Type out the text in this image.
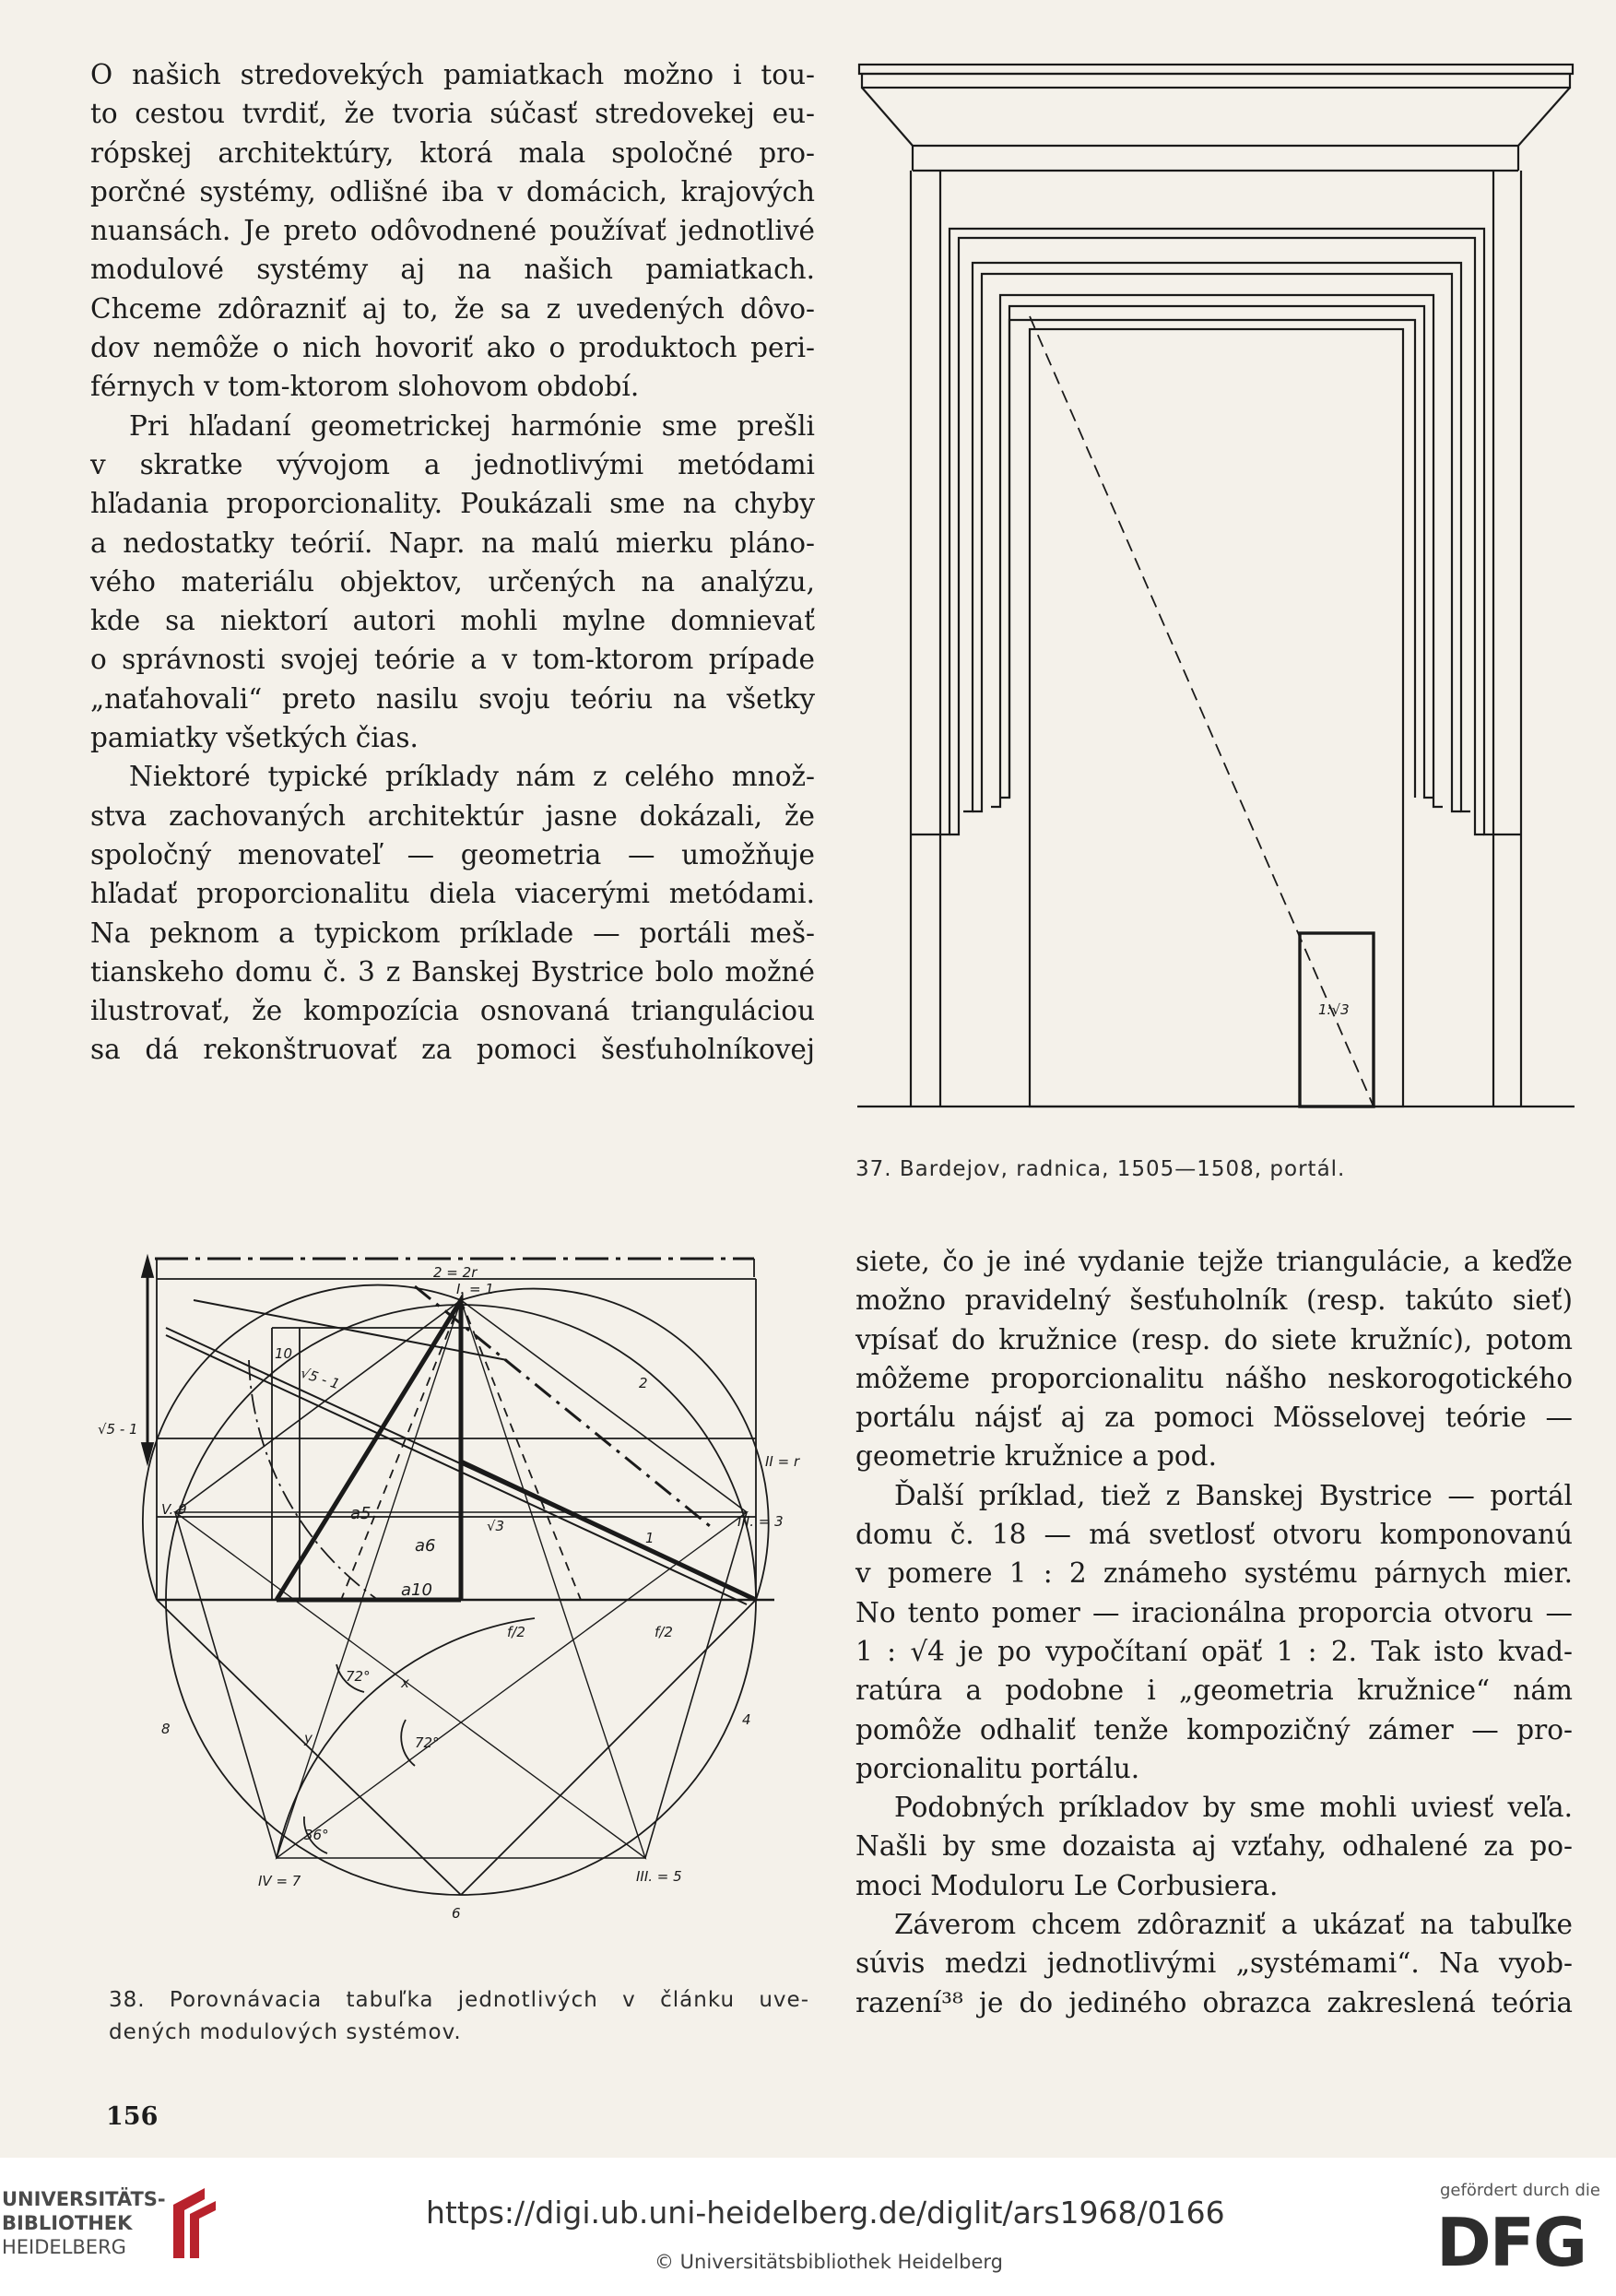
O našich stredovekých pamiatkach možno i tou-
to cestou tvrdiť, že tvoria súčasť stredovekej eu-
rópskej architektúry, ktorá mala spoločné pro-
porčné systémy, odlišné iba v domácich, krajových
nuansách. Je preto odôvodnené používať jednotlivé
modulové systémy aj na našich pamiatkach.
Chceme zdôrazniť aj to, že sa z uvedených dôvo-
dov nemôže o nich hovoriť ako o produktoch peri-
férnych v tom-ktorom slohovom období.

Pri hľadaní geometrickej harmónie sme prešli
v skratke vývojom a jednotlivými metódami
hľadania proporcionality. Poukázali sme na chyby
a nedostatky teórií. Napr. na malú mierku pláno-
vého materiálu objektov, určených na analýzu,
kde sa niektorí autori mohli mylne domnievať
o správnosti svojej teórie a v tom-ktorom prípade
„naťahovali“ preto nasilu svoju teóriu na všetky
pamiatky všetkých čias.

Niektoré typické príklady nám z celého množ-
stva zachovaných architektúr jasne dokázali, že
spoločný menovateľ — geometria — umožňuje
hľadať proporcionalitu diela viacerými metódami.
Na peknom a typickom príklade — portáli meš-
tianskeho domu č. 3 z Banskej Bystrice bolo možné
ilustrovať, že kompozícia osnovaná trianguláciou
sa dá rekonštruovať za pomoci šesťuholníkovej

1:√3
37. Bardejov, radnica, 1505—1508, portál.
2 = 2r
I. = 1
10
√5 - 1
√5 - 1
II = r
V. 9
III. = 3
a5
a6
a10
√3
1
2
f/2	f/2
x
y
72°
72°
36°
8
4
IV = 7	III. = 5
6
38. Porovnávacia tabuľka jednotlivých v článku uve-
dených modulových systémov.

siete, čo je iné vydanie tejže triangulácie, a keďže
možno pravidelný šesťuholník (resp. takúto sieť)
vpísať do kružnice (resp. do siete kružníc), potom
môžeme proporcionalitu nášho neskorogotického
portálu nájsť aj za pomoci Mösselovej teórie —
geometrie kružnice a pod.

Ďalší príklad, tiež z Banskej Bystrice — portál
domu č. 18 — má svetlosť otvoru komponovanú
v pomere 1 : 2 známeho systému párnych mier.
No tento pomer — iracionálna proporcia otvoru —
1 : √4 je po vypočítaní opäť 1 : 2. Tak isto kvad-
ratúra a podobne i „geometria kružnice“ nám
pomôže odhaliť tenže kompozičný zámer — pro-
porcionalitu portálu.

Podobných príkladov by sme mohli uviesť veľa.
Našli by sme dozaista aj vzťahy, odhalené za po-
moci Moduloru Le Corbusiera.

Záverom chcem zdôrazniť a ukázať na tabuľke
súvis medzi jednotlivými „systémami“. Na vyob-
razení³⁸ je do jediného obrazca zakreslená teória

156
UNIVERSITÄTS-
BIBLIOTHEK
HEIDELBERG
https://digi.ub.uni-heidelberg.de/diglit/ars1968/0166
© Universitätsbibliothek Heidelberg
gefördert durch die
DFG
